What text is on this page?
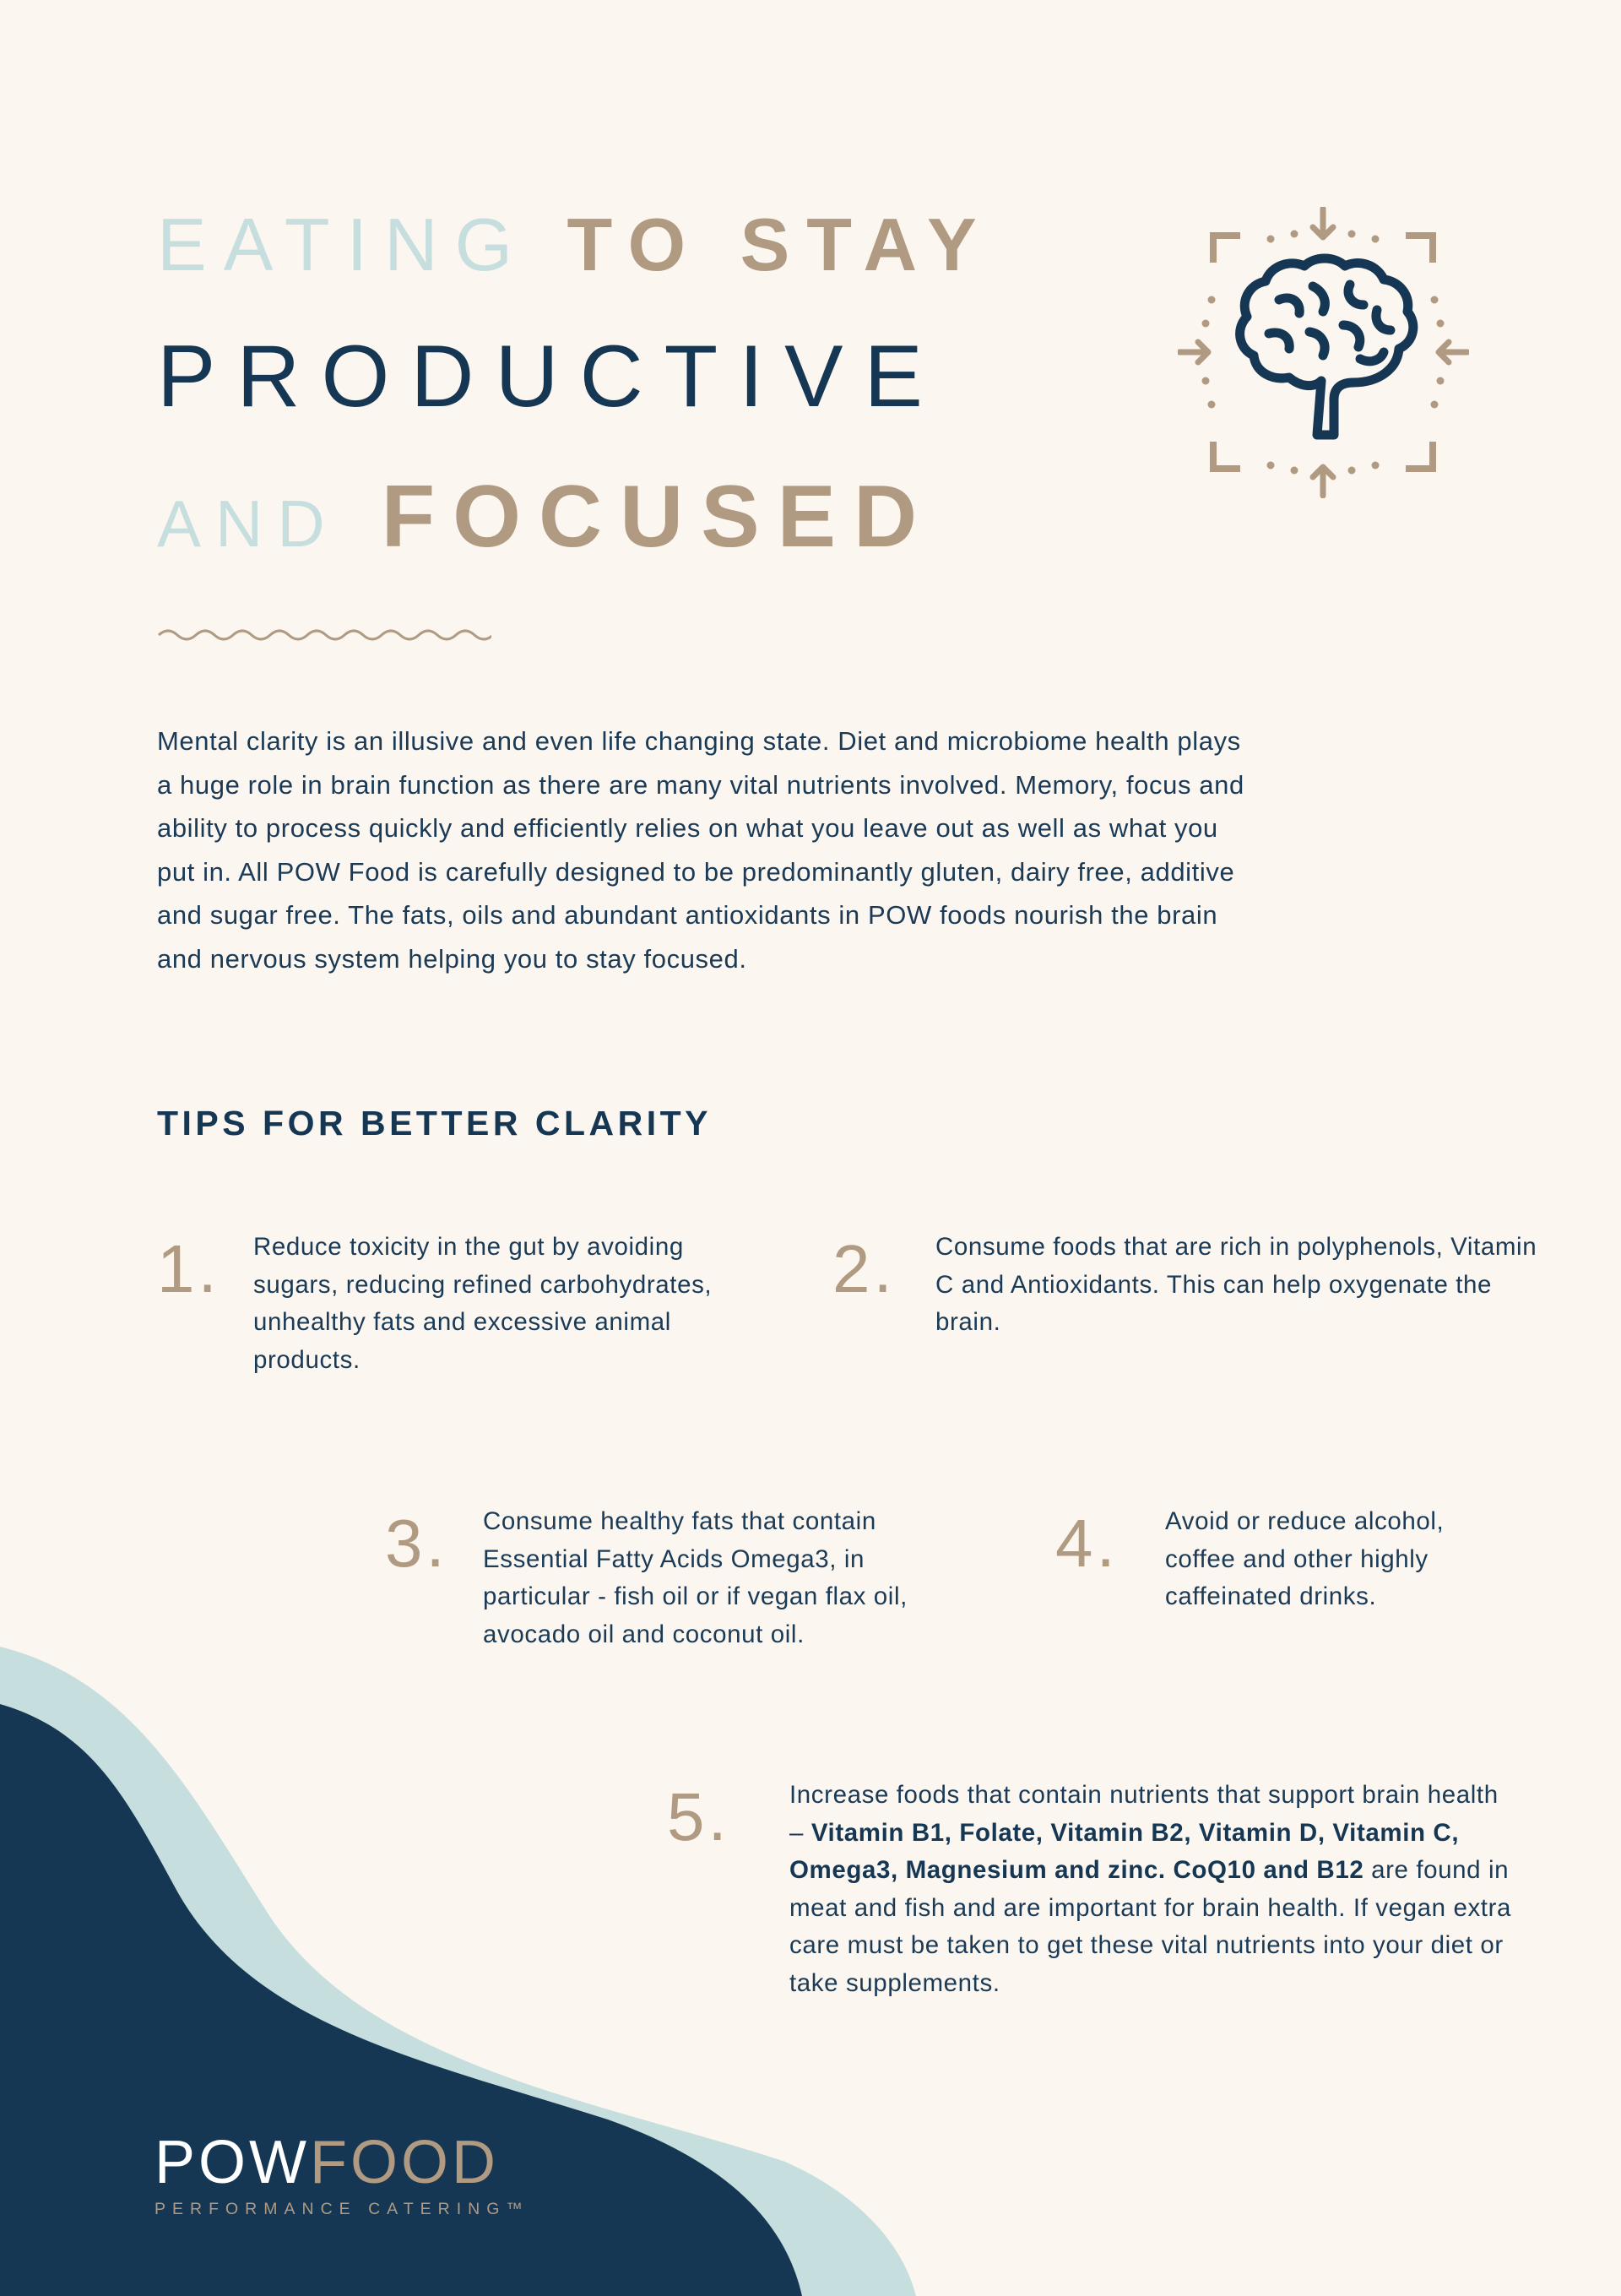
EATING TO STAY
PRODUCTIVE
AND FOCUSED

Mental clarity is an illusive and even life changing state. Diet and microbiome health plays a huge role in brain function as there are many vital nutrients involved. Memory, focus and ability to process quickly and efficiently relies on what you leave out as well as what you put in. All POW Food is carefully designed to be predominantly gluten, dairy free, additive and sugar free. The fats, oils and abundant antioxidants in POW foods nourish the brain and nervous system helping you to stay focused.

TIPS FOR BETTER CLARITY
1. Reduce toxicity in the gut by avoiding sugars, reducing refined carbohydrates, unhealthy fats and excessive animal products.

2. Consume foods that are rich in polyphenols, Vitamin C and Antioxidants. This can help oxygenate the brain.

3. Consume healthy fats that contain Essential Fatty Acids Omega3, in particular - fish oil or if vegan flax oil, avocado oil and coconut oil.

4. Avoid or reduce alcohol, coffee and other highly caffeinated drinks.

5. Increase foods that contain nutrients that support brain health – Vitamin B1, Folate, Vitamin B2, Vitamin D, Vitamin C, Omega3, Magnesium and zinc. CoQ10 and B12 are found in meat and fish and are important for brain health. If vegan extra care must be taken to get these vital nutrients into your diet or take supplements.

POWFOOD
PERFORMANCE CATERING™
